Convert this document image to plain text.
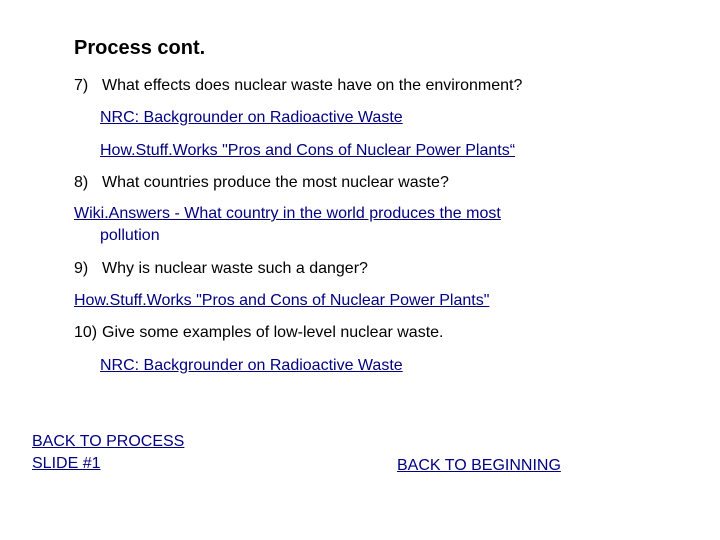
Process cont.
7) What effects does nuclear waste have on the environment?
NRC: Backgrounder on Radioactive Waste
How.Stuff.Works "Pros and Cons of Nuclear Power Plants“
8) What countries produce the most nuclear waste?
Wiki.Answers - What country in the world produces the most
pollution
9) Why is nuclear waste such a danger?
How.Stuff.Works "Pros and Cons of Nuclear Power Plants"
10) Give some examples of low-level nuclear waste.
NRC: Backgrounder on Radioactive Waste
BACK TO PROCESS
SLIDE #1	BACK TO BEGINNING
